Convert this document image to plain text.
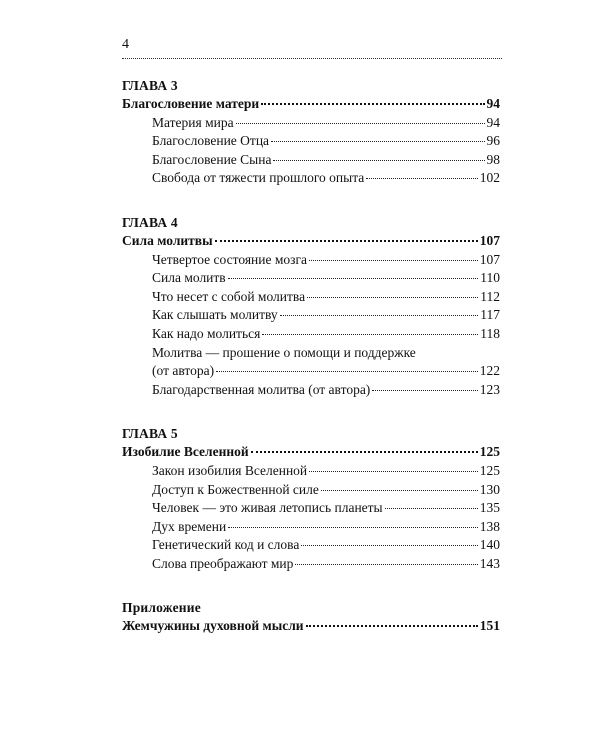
4
ГЛАВА 3
Благословение матери	94
Материя мира	94
Благословение Отца	96
Благословение Сына	98
Свобода от тяжести прошлого опыта	102
ГЛАВА 4
Сила молитвы	107
Четвертое состояние мозга	107
Сила молитв	110
Что несет с собой молитва	112
Как слышать молитву	117
Как надо молиться	118
Молитва — прошение о помощи и поддержке
(от автора)	122
Благодарственная молитва (от автора)	123
ГЛАВА 5
Изобилие Вселенной	125
Закон изобилия Вселенной	125
Доступ к Божественной силе	130
Человек — это живая летопись планеты	135
Дух времени	138
Генетический код и слова	140
Слова преображают мир	143
Приложение
Жемчужины духовной мысли	151
